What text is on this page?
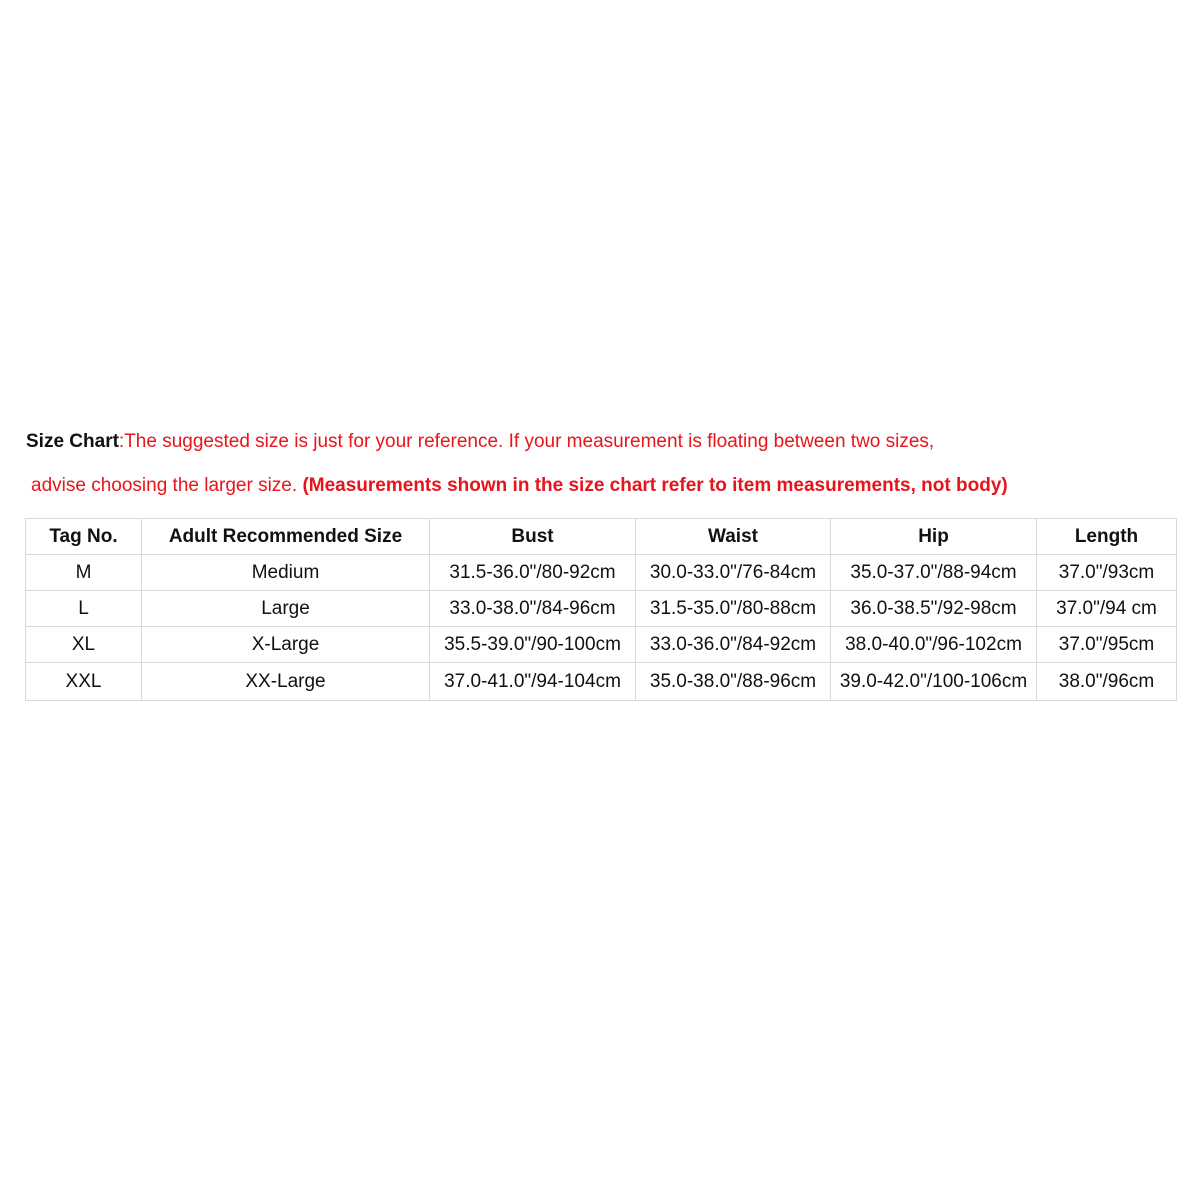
Size Chart:The suggested size is just for your reference. If your measurement is floating between two sizes,
advise choosing the larger size. (Measurements shown in the size chart refer to item measurements, not body)
Tag No.	Adult Recommended Size	Bust	Waist	Hip	Length
M	Medium	31.5-36.0"/80-92cm	30.0-33.0"/76-84cm	35.0-37.0"/88-94cm	37.0"/93cm
L	Large	33.0-38.0"/84-96cm	31.5-35.0"/80-88cm	36.0-38.5"/92-98cm	37.0"/94 cm
XL	X-Large	35.5-39.0"/90-100cm	33.0-36.0"/84-92cm	38.0-40.0"/96-102cm	37.0"/95cm
XXL	XX-Large	37.0-41.0"/94-104cm	35.0-38.0"/88-96cm	39.0-42.0"/100-106cm	38.0"/96cm
